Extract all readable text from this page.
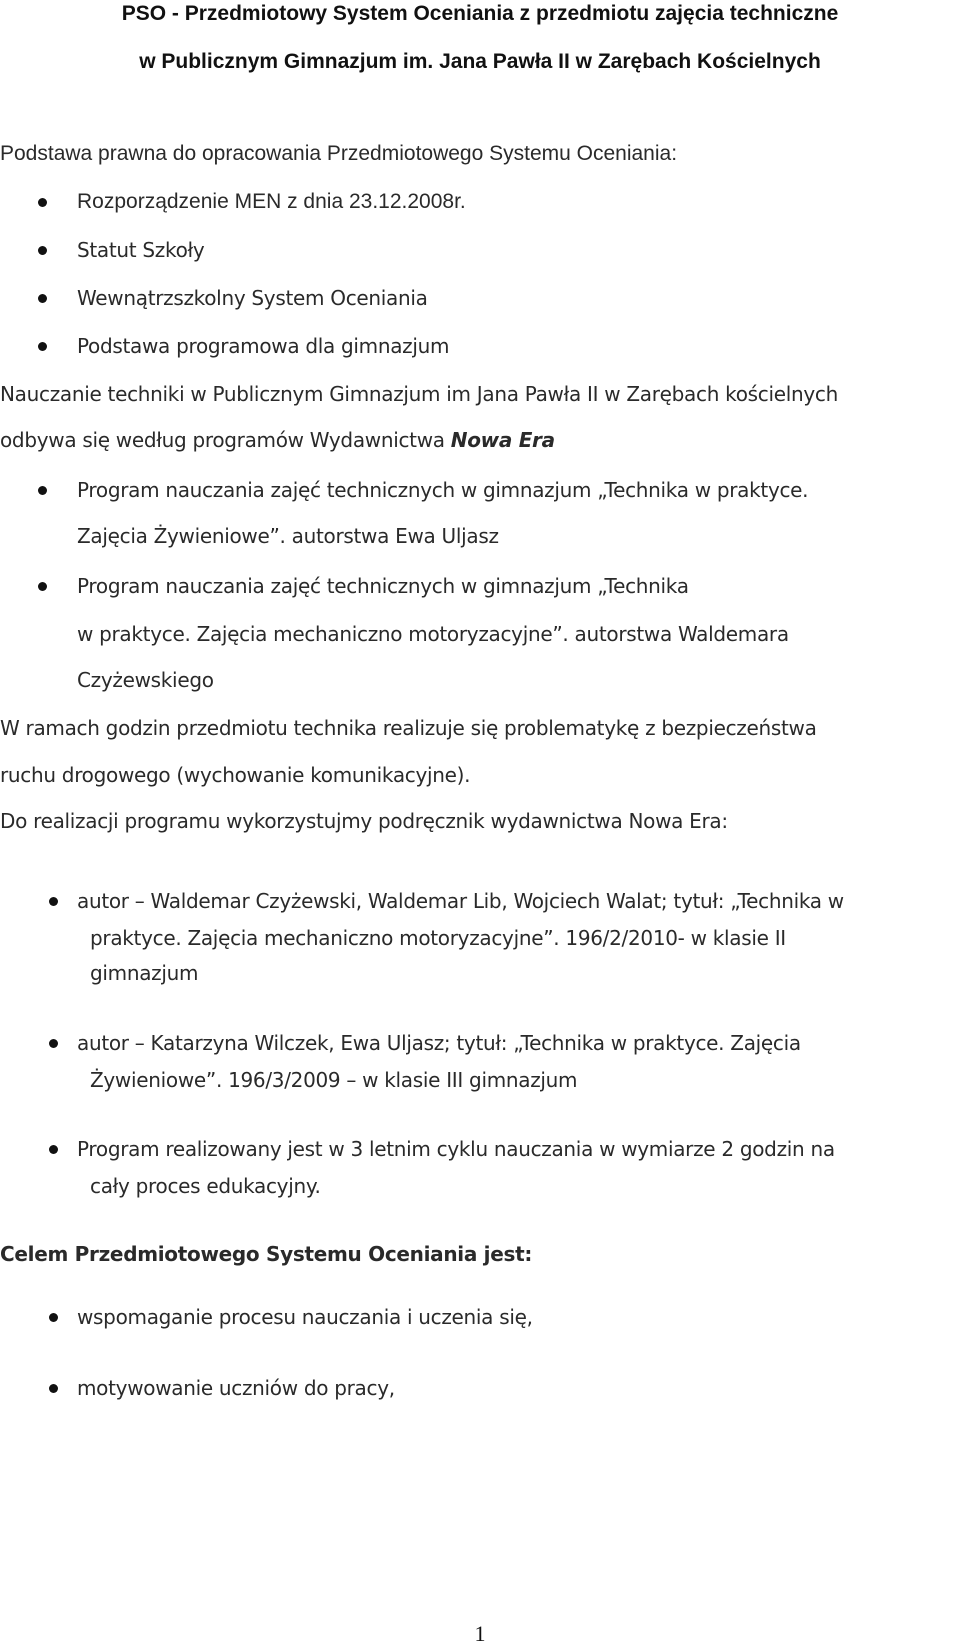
PSO - Przedmiotowy System Oceniania z przedmiotu zajęcia techniczne
w Publicznym Gimnazjum im. Jana Pawła II w Zarębach Kościelnych
Podstawa prawna do opracowania Przedmiotowego Systemu Oceniania:
Rozporządzenie MEN z dnia 23.12.2008r.
Statut Szkoły
Wewnątrzszkolny System Oceniania
Podstawa programowa dla gimnazjum
Nauczanie techniki w Publicznym Gimnazjum im Jana Pawła II w Zarębach kościelnych
odbywa się według programów Wydawnictwa Nowa Era
Program nauczania zajęć technicznych w gimnazjum „Technika w praktyce.
Zajęcia Żywieniowe”. autorstwa Ewa Uljasz
Program nauczania zajęć technicznych w gimnazjum „Technika
w praktyce. Zajęcia mechaniczno motoryzacyjne”. autorstwa Waldemara
Czyżewskiego
W ramach godzin przedmiotu technika realizuje się problematykę z bezpieczeństwa
ruchu drogowego (wychowanie komunikacyjne).
Do realizacji programu wykorzystujmy podręcznik wydawnictwa Nowa Era:
autor – Waldemar Czyżewski, Waldemar Lib, Wojciech Walat; tytuł: „Technika w
praktyce. Zajęcia mechaniczno motoryzacyjne”. 196/2/2010- w klasie II
gimnazjum
autor – Katarzyna Wilczek, Ewa Uljasz; tytuł: „Technika w praktyce. Zajęcia
Żywieniowe”. 196/3/2009 – w klasie III gimnazjum
Program realizowany jest w 3 letnim cyklu nauczania w wymiarze 2 godzin na
cały proces edukacyjny.
Celem Przedmiotowego Systemu Oceniania jest:
wspomaganie procesu nauczania i uczenia się,
motywowanie uczniów do pracy,
1
